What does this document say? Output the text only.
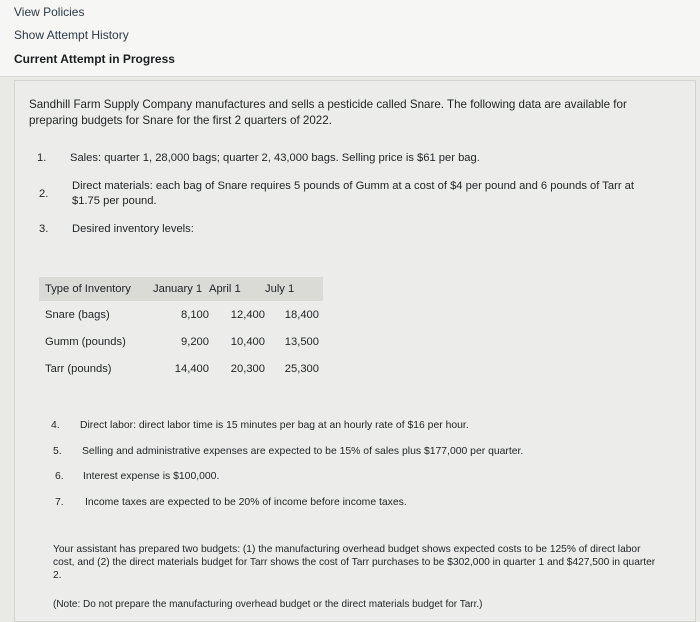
View Policies
Show Attempt History
Current Attempt in Progress
Sandhill Farm Supply Company manufactures and sells a pesticide called Snare. The following data are available for preparing budgets for Snare for the first 2 quarters of 2022.
1. Sales: quarter 1, 28,000 bags; quarter 2, 43,000 bags. Selling price is $61 per bag.
2.
Direct materials: each bag of Snare requires 5 pounds of Gumm at a cost of $4 per pound and 6 pounds of Tarr at $1.75 per pound.
3. Desired inventory levels:
Type of Inventory	January 1	April 1	July 1
Snare (bags)	8,100	12,400	18,400
Gumm (pounds)	9,200	10,400	13,500
Tarr (pounds)	14,400	20,300	25,300
4. Direct labor: direct labor time is 15 minutes per bag at an hourly rate of $16 per hour.
5. Selling and administrative expenses are expected to be 15% of sales plus $177,000 per quarter.
6. Interest expense is $100,000.
7. Income taxes are expected to be 20% of income before income taxes.
Your assistant has prepared two budgets: (1) the manufacturing overhead budget shows expected costs to be 125% of direct labor cost, and (2) the direct materials budget for Tarr shows the cost of Tarr purchases to be $302,000 in quarter 1 and $427,500 in quarter 2.
(Note: Do not prepare the manufacturing overhead budget or the direct materials budget for Tarr.)
